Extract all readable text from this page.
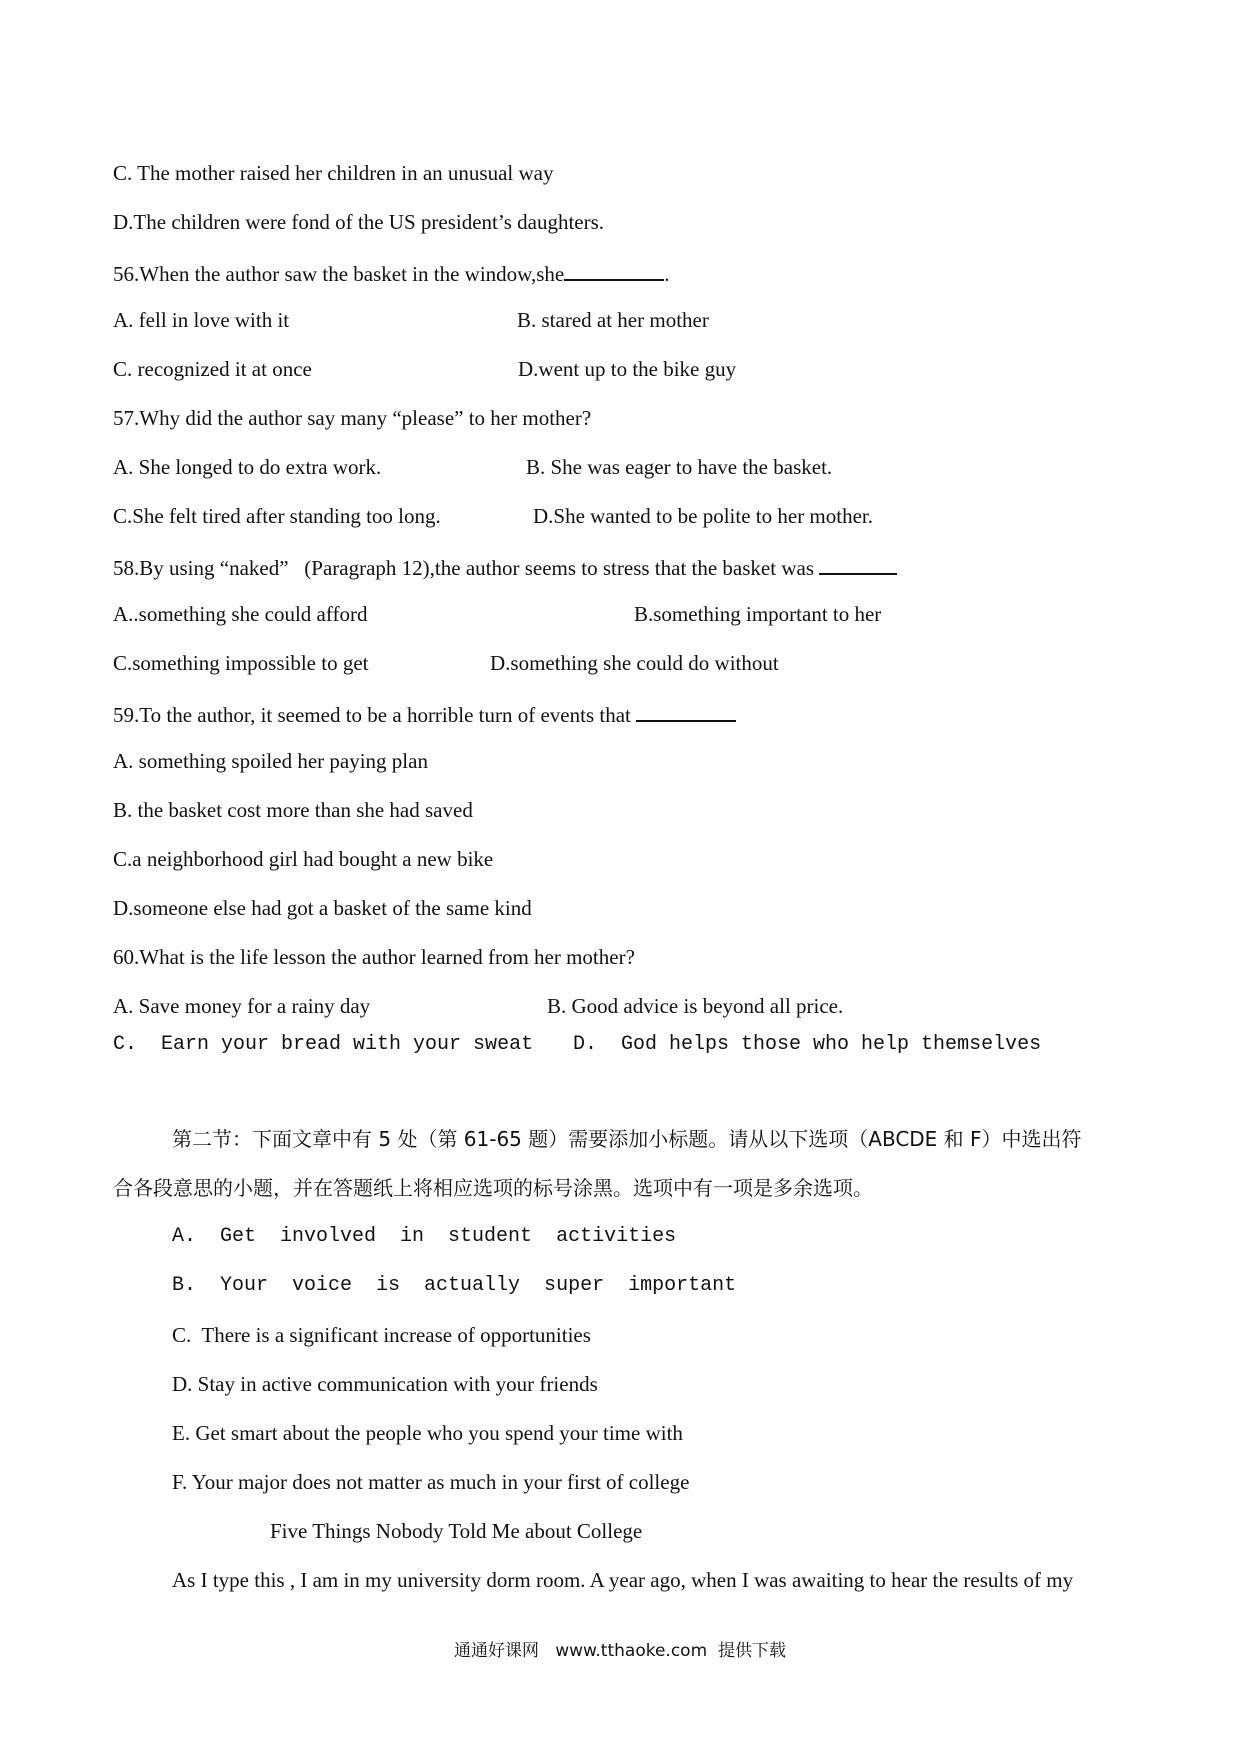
C. The mother raised her children in an unusual way
D.The children were fond of the US president’s daughters.
56.When the author saw the basket in the window,she	.
A. fell in love with it	B. stared at her mother
C. recognized it at once	D.went up to the bike guy
57.Why did the author say many “please” to her mother?
A. She longed to do extra work.	B. She was eager to have the basket.
C.She felt tired after standing too long.	D.She wanted to be polite to her mother.
58.By using “naked”   (Paragraph 12),the author seems to stress that the basket was
A..something she could afford	B.something important to her
C.something impossible to get	D.something she could do without
59.To the author, it seemed to be a horrible turn of events that
A. something spoiled her paying plan
B. the basket cost more than she had saved
C.a neighborhood girl had bought a new bike
D.someone else had got a basket of the same kind
60.What is the life lesson the author learned from her mother?
A. Save money for a rainy day	B. Good advice is beyond all price.
C.  Earn your bread with your sweat D.  God helps those who help themselves
第二节：下面文章中有 5 处（第 61-65 题）需要添加小标题。请从以下选项（ABCDE 和 F）中选出符
合各段意思的小题，并在答题纸上将相应选项的标号涂黑。选项中有一项是多余选项。
A.  Get  involved  in  student  activities
B.  Your  voice  is  actually  super  important
C.  There is a significant increase of opportunities
D. Stay in active communication with your friends
E. Get smart about the people who you spend your time with
F. Your major does not matter as much in your first of college
Five Things Nobody Told Me about College
As I type this , I am in my university dorm room. A year ago, when I was awaiting to hear the results of my
通通好课网   www.tthaoke.com  提供下载
